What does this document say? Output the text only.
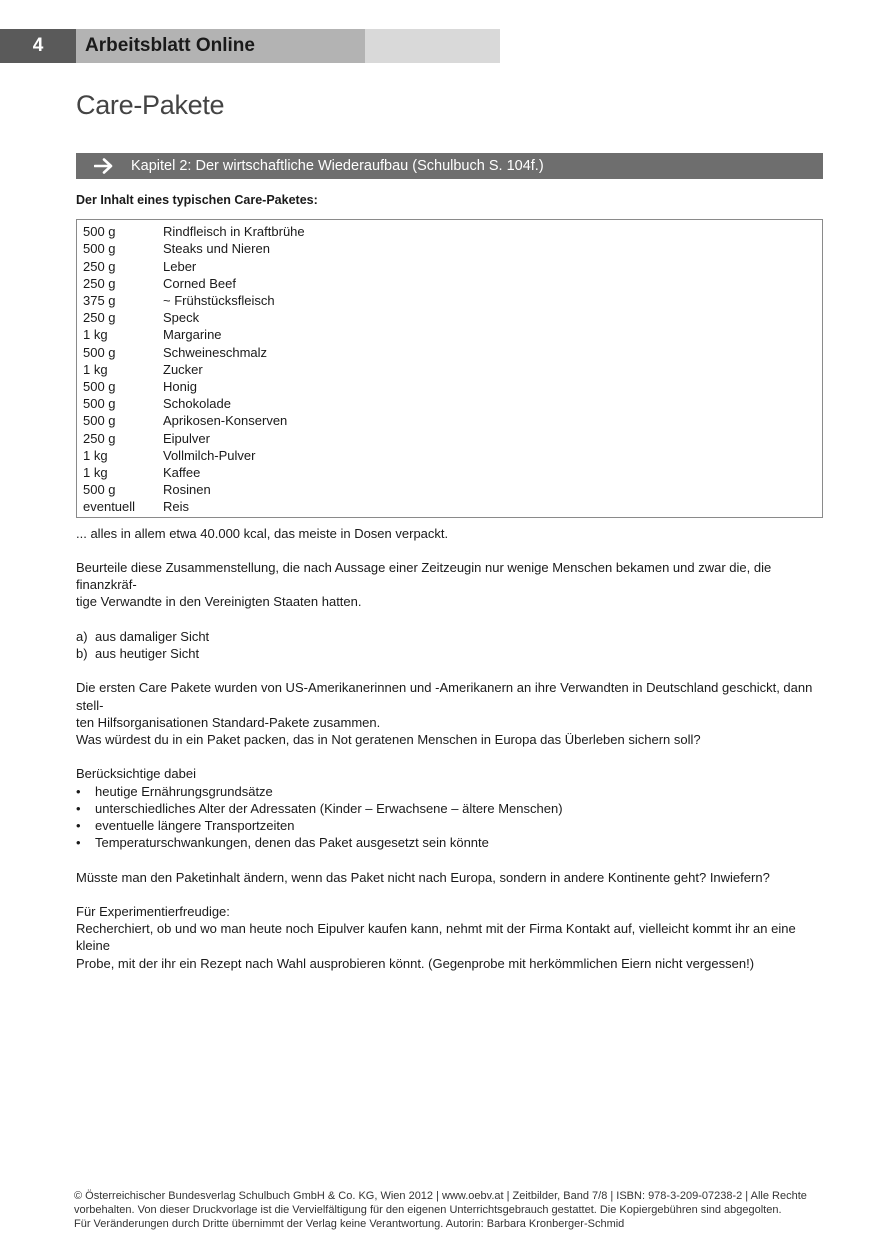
4	Arbeitsblatt Online
Care-Pakete
Kapitel 2: Der wirtschaftliche Wiederaufbau (Schulbuch S. 104f.)

Der Inhalt eines typischen Care-Paketes:

500 g	Rindfleisch in Kraftbrühe
500 g	Steaks und Nieren
250 g	Leber
250 g	Corned Beef
375 g	~ Frühstücksfleisch
250 g	Speck
1 kg	Margarine
500 g	Schweineschmalz
1 kg	Zucker
500 g	Honig
500 g	Schokolade
500 g	Aprikosen-Konserven
250 g	Eipulver
1 kg	Vollmilch-Pulver
1 kg	Kaffee
500 g	Rosinen
eventuell	Reis

... alles in allem etwa 40.000 kcal, das meiste in Dosen verpackt.

Beurteile diese Zusammenstellung, die nach Aussage einer Zeitzeugin nur wenige Menschen bekamen und zwar die, die finanzkräf-

tige Verwandte in den Vereinigten Staaten hatten.

a) aus damaliger Sicht
b) aus heutiger Sicht

Die ersten Care Pakete wurden von US-Amerikanerinnen und -Amerikanern an ihre Verwandten in Deutschland geschickt, dann stell-

ten Hilfsorganisationen Standard-Pakete zusammen.

Was würdest du in ein Paket packen, das in Not geratenen Menschen in Europa das Überleben sichern soll?

Berücksichtige dabei

•	heutige Ernährungsgrundsätze
•	unterschiedliches Alter der Adressaten (Kinder – Erwachsene – ältere Menschen)
•	eventuelle längere Transportzeiten
•	Temperaturschwankungen, denen das Paket ausgesetzt sein könnte

Müsste man den Paketinhalt ändern, wenn das Paket nicht nach Europa, sondern in andere Kontinente geht? Inwiefern?

Für Experimentierfreudige:

Recherchiert, ob und wo man heute noch Eipulver kaufen kann, nehmt mit der Firma Kontakt auf, vielleicht kommt ihr an eine kleine

Probe, mit der ihr ein Rezept nach Wahl ausprobieren könnt. (Gegenprobe mit herkömmlichen Eiern nicht vergessen!)

© Österreichischer Bundesverlag Schulbuch GmbH & Co. KG, Wien 2012 | www.oebv.at | Zeitbilder, Band 7/8 | ISBN: 978-3-209-07238-2 | Alle Rechte
vorbehalten. Von dieser Druckvorlage ist die Vervielfältigung für den eigenen Unterrichtsgebrauch gestattet. Die Kopiergebühren sind abgegolten.
Für Veränderungen durch Dritte übernimmt der Verlag keine Verantwortung. Autorin: Barbara Kronberger-Schmid
